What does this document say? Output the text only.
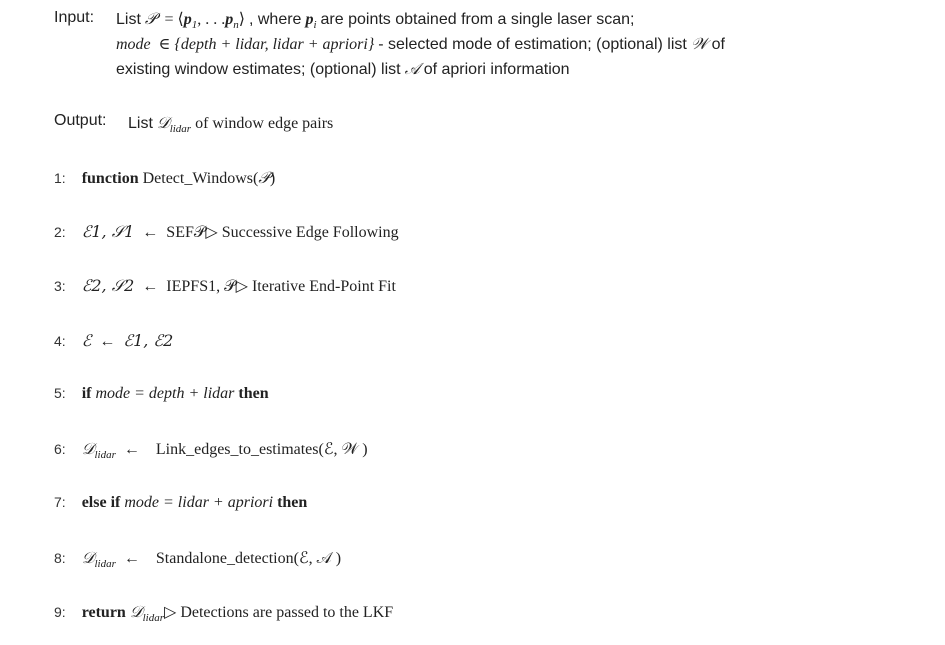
Input: List 𝒫 = $⟨p_1$, . . $.p_n⟩$ , where $p_i$ are points obtained from a single laser scan;
mode ∈ {depth + lidar, lidar + apriori} - selected mode of estimation; (optional) list 𝒲 of
existing window estimates; (optional) list 𝒜 of apriori information
Output: List 𝒟$_{lidar}$ of window edge pairs
1: function Detect_Windows(𝒫)
2: ℰ1, 𝒮1 ← SEF𝒫▷ Successive Edge Following
3: ℰ2, 𝒮2 ← IEPFS1, 𝒫▷ Iterative End-Point Fit
4: ℰ ← ℰ1, ℰ2
5: if mode = depth + lidar then
6: 𝒟$_{lidar}$ ← Link_edges_to_estimates(ℰ, 𝒲 )
7: else if mode = lidar + apriori then
8: 𝒟$_{lidar}$ ← Standalone_detection(ℰ, 𝒜 )
9: return 𝒟$_{lidar}$▷ Detections are passed to the LKF
